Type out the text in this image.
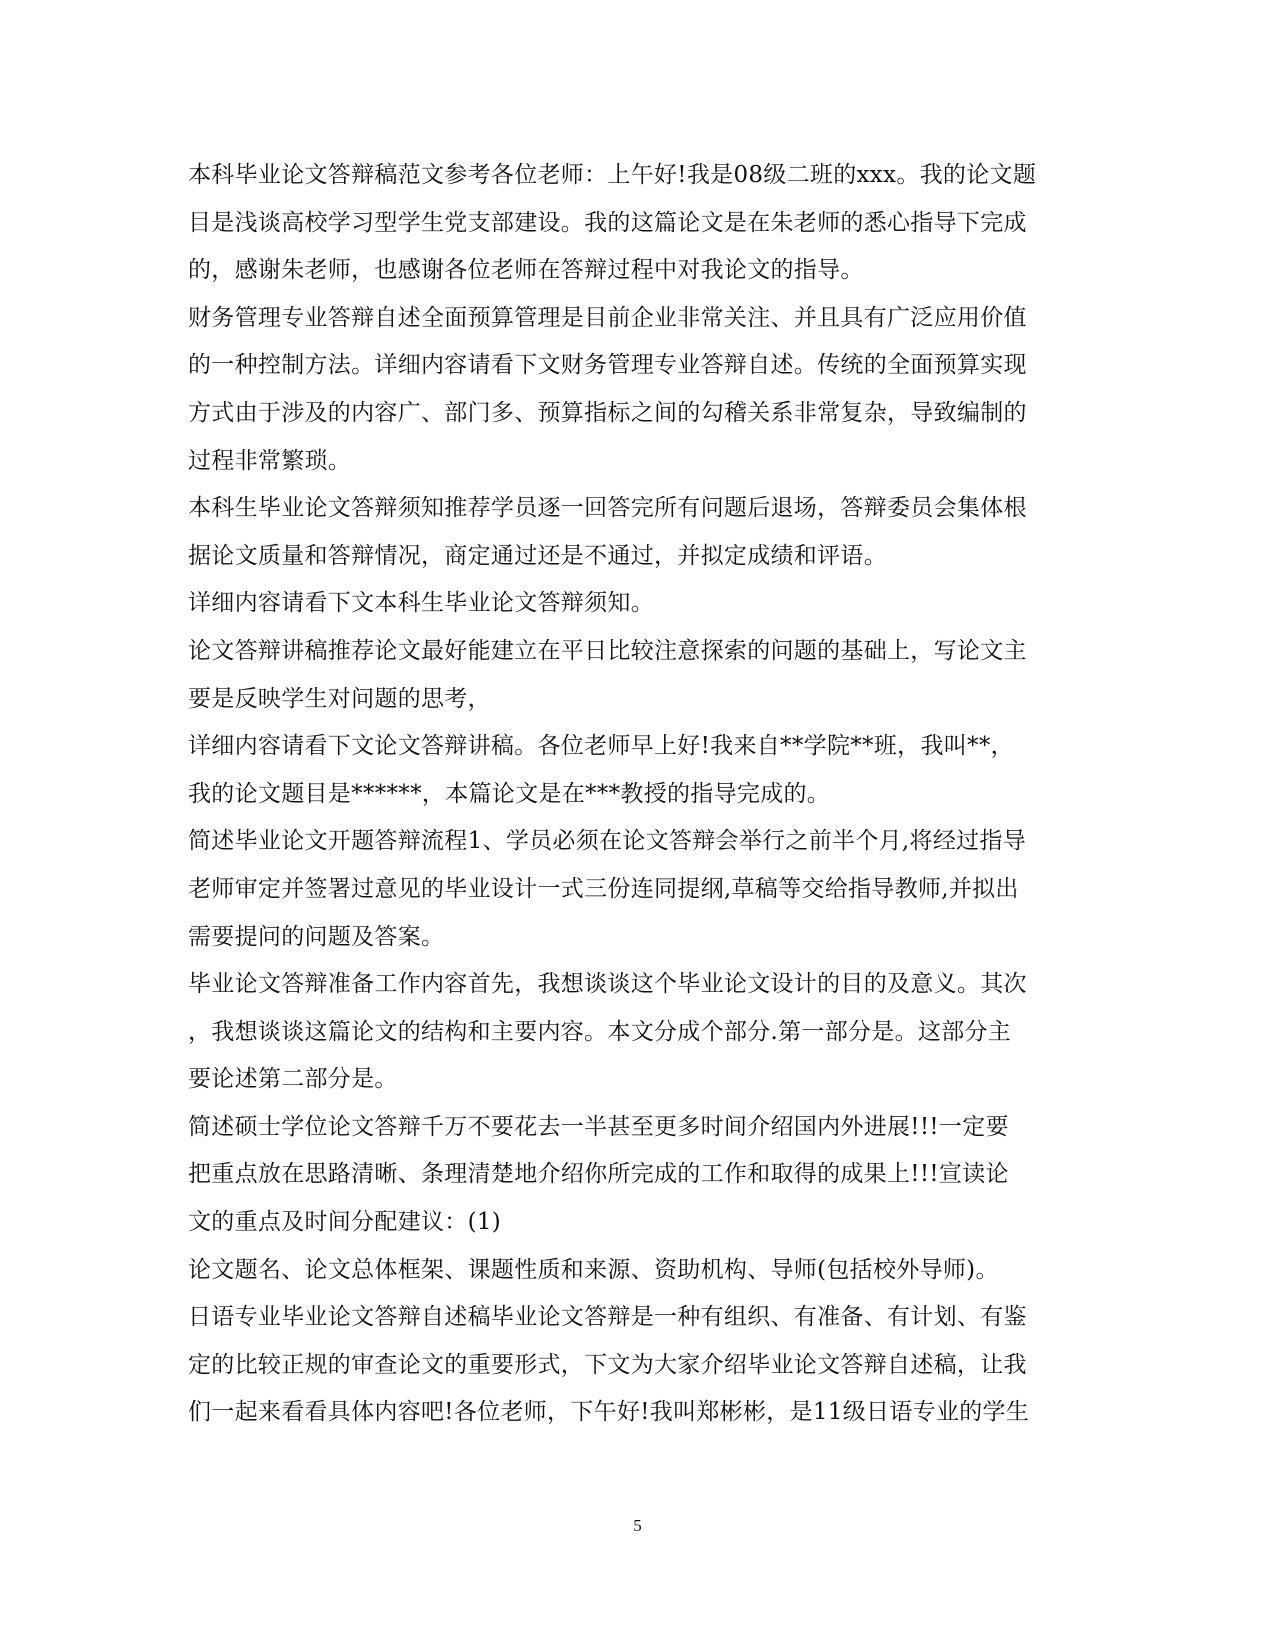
本科毕业论文答辩稿范文参考各位老师：上午好!我是08级二班的xxx。我的论文题
目是浅谈高校学习型学生党支部建设。我的这篇论文是在朱老师的悉心指导下完成
的，感谢朱老师，也感谢各位老师在答辩过程中对我论文的指导。
财务管理专业答辩自述全面预算管理是目前企业非常关注、并且具有广泛应用价值
的一种控制方法。详细内容请看下文财务管理专业答辩自述。传统的全面预算实现
方式由于涉及的内容广、部门多、预算指标之间的勾稽关系非常复杂，导致编制的
过程非常繁琐。
本科生毕业论文答辩须知推荐学员逐一回答完所有问题后退场，答辩委员会集体根
据论文质量和答辩情况，商定通过还是不通过，并拟定成绩和评语。
详细内容请看下文本科生毕业论文答辩须知。
论文答辩讲稿推荐论文最好能建立在平日比较注意探索的问题的基础上，写论文主
要是反映学生对问题的思考，
详细内容请看下文论文答辩讲稿。各位老师早上好!我来自**学院**班，我叫**，
我的论文题目是******，本篇论文是在***教授的指导完成的。
简述毕业论文开题答辩流程1、学员必须在论文答辩会举行之前半个月,将经过指导
老师审定并签署过意见的毕业设计一式三份连同提纲,草稿等交给指导教师,并拟出
需要提问的问题及答案。
毕业论文答辩准备工作内容首先，我想谈谈这个毕业论文设计的目的及意义。其次
，我想谈谈这篇论文的结构和主要内容。本文分成个部分.第一部分是。这部分主
要论述第二部分是。
简述硕士学位论文答辩千万不要花去一半甚至更多时间介绍国内外进展!!!一定要
把重点放在思路清晰、条理清楚地介绍你所完成的工作和取得的成果上!!!宣读论
文的重点及时间分配建议：(1)
论文题名、论文总体框架、课题性质和来源、资助机构、导师(包括校外导师)。
日语专业毕业论文答辩自述稿毕业论文答辩是一种有组织、有准备、有计划、有鉴
定的比较正规的审查论文的重要形式，下文为大家介绍毕业论文答辩自述稿，让我
们一起来看看具体内容吧!各位老师，下午好!我叫郑彬彬，是11级日语专业的学生
5
